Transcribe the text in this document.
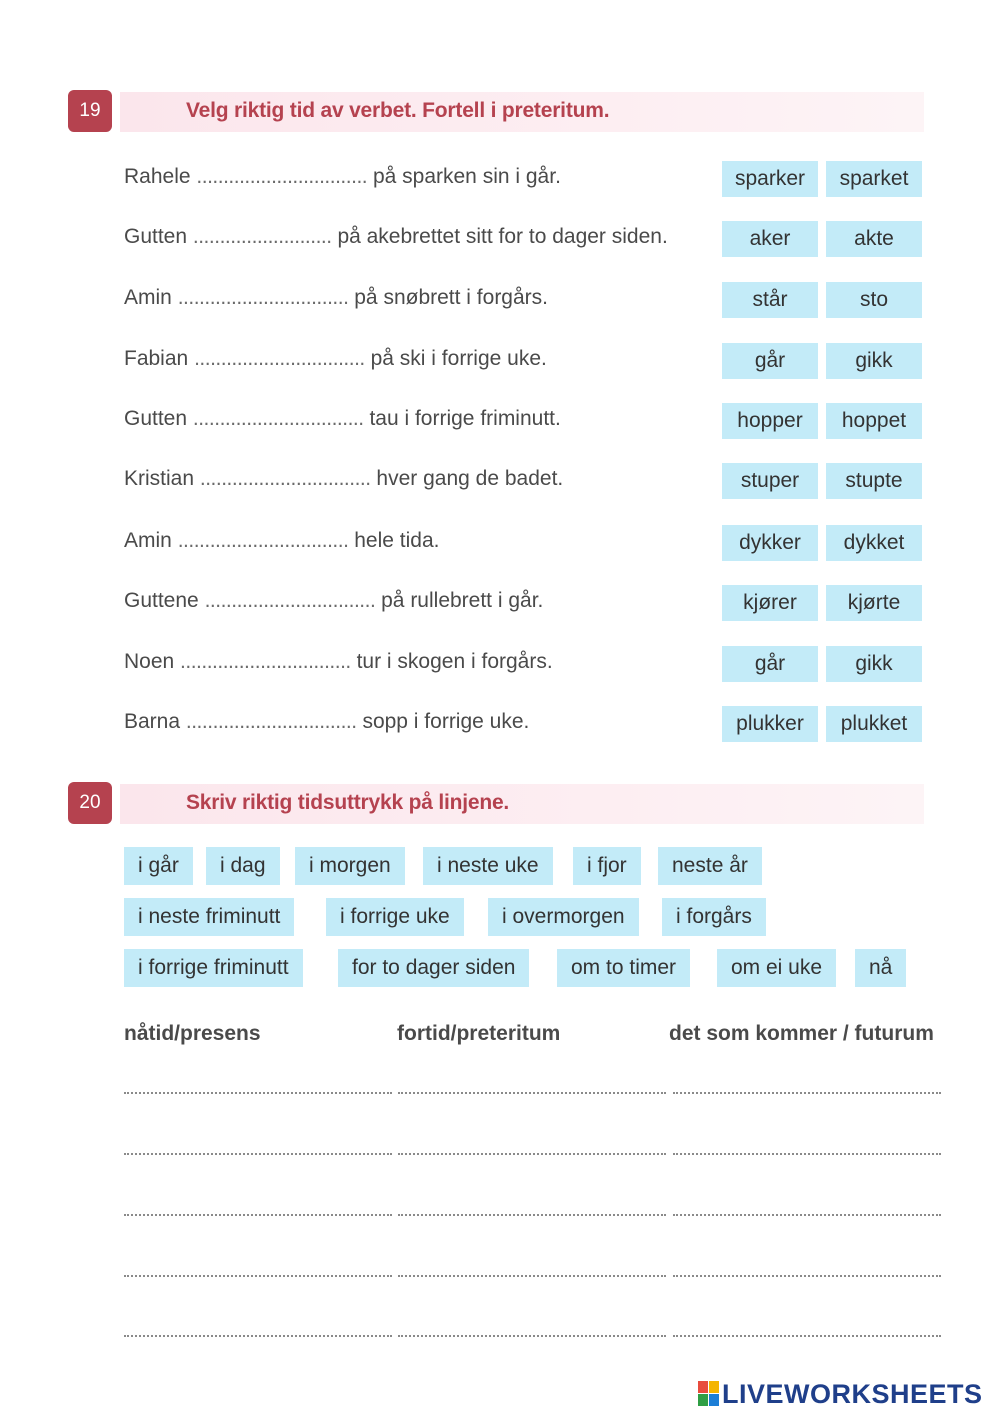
19	Velg riktig tid av verbet. Fortell i preteritum.
Rahele ................................ på sparken sin i går.	sparker	sparket
Gutten .......................... på akebrettet sitt for to dager siden.	aker	akte
Amin ................................ på snøbrett i forgårs.	står	sto
Fabian ................................ på ski i forrige uke.	går	gikk
Gutten ................................ tau i forrige friminutt.	hopper	hoppet
Kristian ................................ hver gang de badet.	stuper	stupte
Amin ................................ hele tida.	dykker	dykket
Guttene ................................ på rullebrett i går.	kjører	kjørte
Noen ................................ tur i skogen i forgårs.	går	gikk
Barna ................................ sopp i forrige uke.	plukker	plukket
20	Skriv riktig tidsuttrykk på linjene.
i går	i dag	i morgen	i neste uke	i fjor	neste år
i neste friminutt	i forrige uke	i overmorgen	i forgårs
i forrige friminutt	for to dager siden	om to timer	om ei uke	nå
nåtid/presens	fortid/preteritum	det som kommer / futurum
LIVEWORKSHEETS
